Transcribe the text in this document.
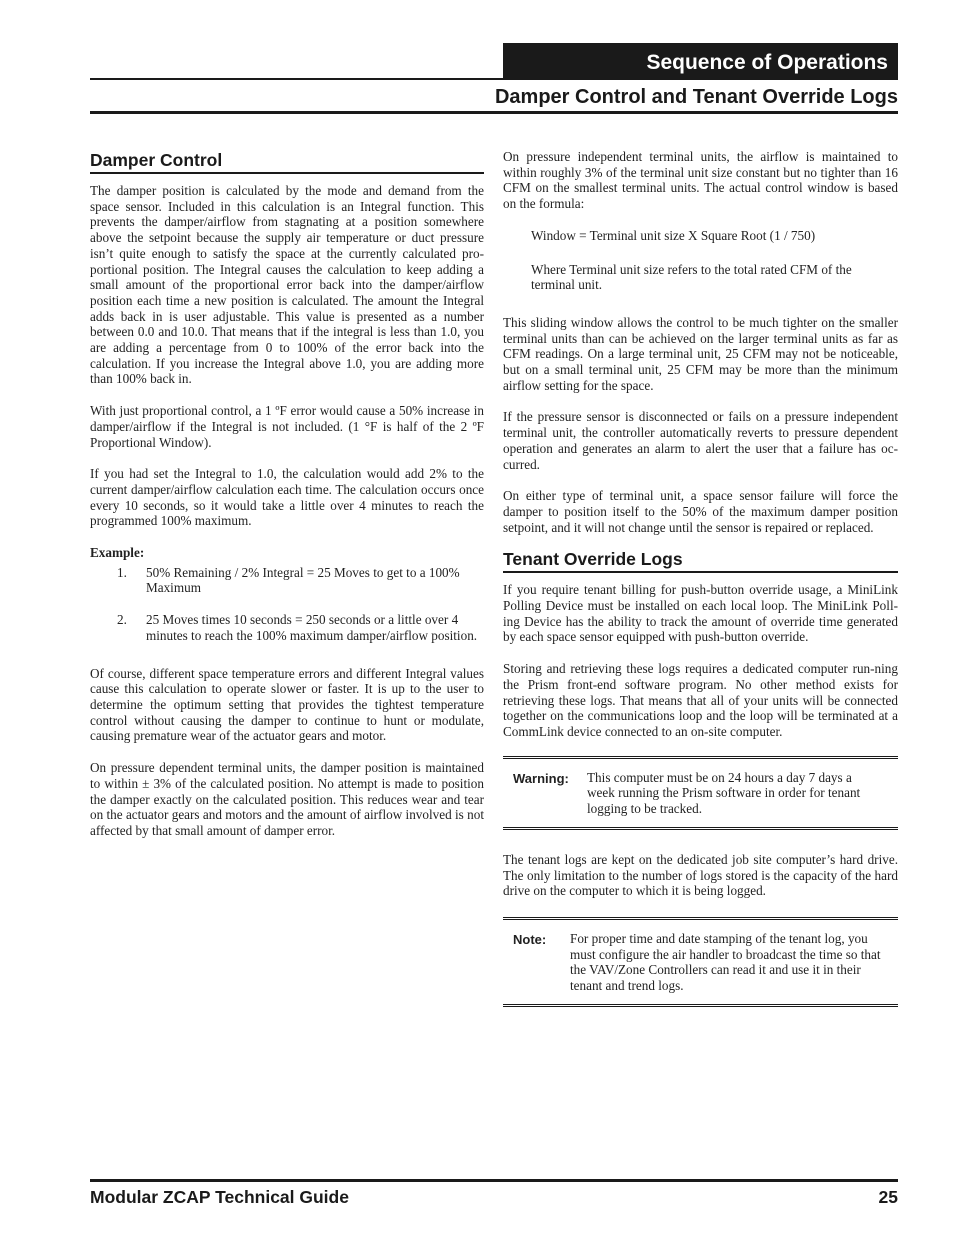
Sequence of Operations
Damper Control and Tenant Override Logs
Damper Control

The damper position is calculated by the mode and demand from the space sensor. Included in this calculation is an Integral function. This prevents the damper/airflow from stagnating at a position somewhere above the setpoint because the supply air temperature or duct pressure isn’t quite enough to satisfy the space at the currently calculated pro-portional position. The Integral causes the calculation to keep adding a small amount of the proportional error back into the damper/airflow position each time a new position is calculated. The amount the Integral adds back in is user adjustable. This value is presented as a number between 0.0 and 10.0. That means that if the integral is less than 1.0, you are adding a percentage from 0 to 100% of the error back into the calculation. If you increase the Integral above 1.0, you are adding more than 100% back in.

With just proportional control, a 1 ºF error would cause a 50% increase in damper/airflow if the Integral is not included. (1 °F is half of the 2 ºF Proportional Window).

If you had set the Integral to 1.0, the calculation would add 2% to the current damper/airflow calculation each time. The calculation occurs once every 10 seconds, so it would take a little over 4 minutes to reach the programmed 100% maximum.

Example:
1. 50% Remaining / 2% Integral = 25 Moves to get to a 100% Maximum
2. 25 Moves times 10 seconds = 250 seconds or a little over 4 minutes to reach the 100% maximum damper/airflow position.

Of course, different space temperature errors and different Integral values cause this calculation to operate slower or faster. It is up to the user to determine the optimum setting that provides the tightest temperature control without causing the damper to continue to hunt or modulate, causing premature wear of the actuator gears and motor.

On pressure dependent terminal units, the damper position is maintained to within ± 3% of the calculated position. No attempt is made to position the damper exactly on the calculated position. This reduces wear and tear on the actuator gears and motors and the amount of airflow involved is not affected by that small amount of damper error.

On pressure independent terminal units, the airflow is maintained to within roughly 3% of the terminal unit size constant but no tighter than 16 CFM on the smallest terminal units. The actual control window is based on the formula:

Window = Terminal unit size X Square Root (1 / 750)
Where Terminal unit size refers to the total rated CFM of the terminal unit.

This sliding window allows the control to be much tighter on the smaller terminal units than can be achieved on the larger terminal units as far as CFM readings. On a large terminal unit, 25 CFM may not be noticeable, but on a small terminal unit, 25 CFM may be more than the minimum airflow setting for the space.

If the pressure sensor is disconnected or fails on a pressure independent terminal unit, the controller automatically reverts to pressure dependent operation and generates an alarm to alert the user that a failure has oc-curred.

On either type of terminal unit, a space sensor failure will force the damper to position itself to the 50% of the maximum damper position setpoint, and it will not change until the sensor is repaired or replaced.

Tenant Override Logs

If you require tenant billing for push-button override usage, a MiniLink Polling Device must be installed on each local loop. The MiniLink Poll-ing Device has the ability to track the amount of override time generated by each space sensor equipped with push-button override.

Storing and retrieving these logs requires a dedicated computer run-ning the Prism front-end software program. No other method exists for retrieving these logs. That means that all of your units will be connected together on the communications loop and the loop will be terminated at a CommLink device connected to an on-site computer.

Warning: This computer must be on 24 hours a day 7 days a week running the Prism software in order for tenant logging to be tracked.

The tenant logs are kept on the dedicated job site computer’s hard drive. The only limitation to the number of logs stored is the capacity of the hard drive on the computer to which it is being logged.

Note: For proper time and date stamping of the tenant log, you must configure the air handler to broadcast the time so that the VAV/Zone Controllers can read it and use it in their tenant and trend logs.
Modular ZCAP Technical Guide	25
